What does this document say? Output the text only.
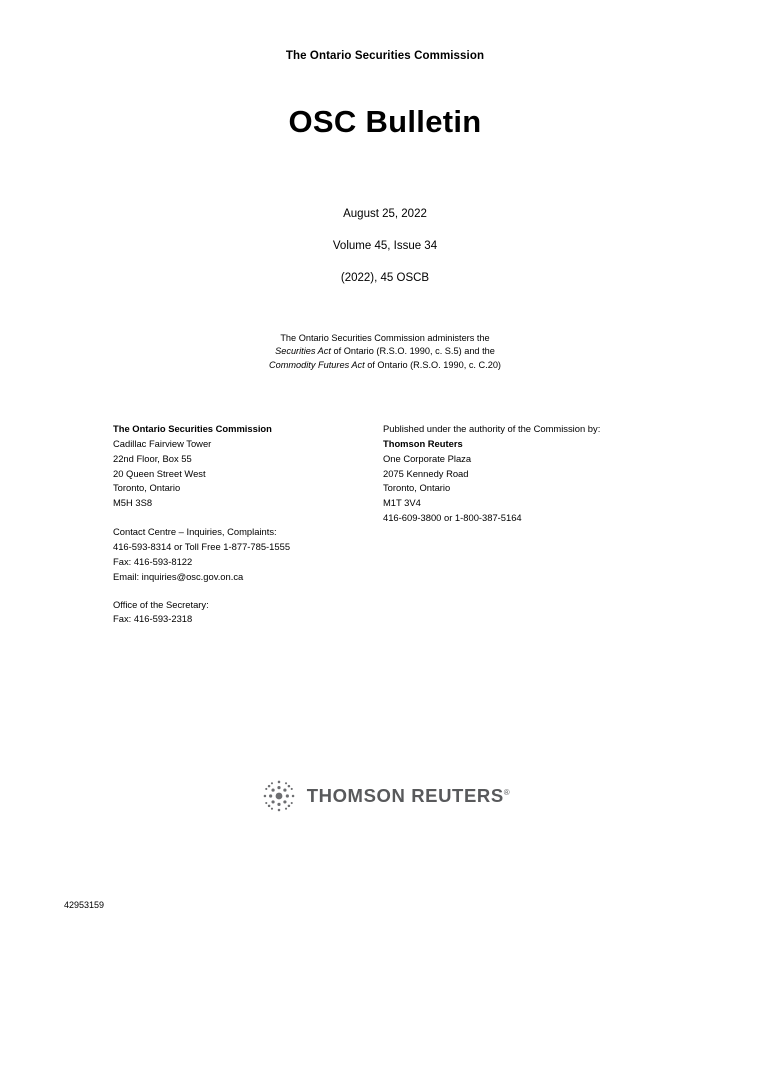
The Ontario Securities Commission
OSC Bulletin
August 25, 2022
Volume 45, Issue 34
(2022), 45 OSCB
The Ontario Securities Commission administers the
Securities Act of Ontario (R.S.O. 1990, c. S.5) and the
Commodity Futures Act of Ontario (R.S.O. 1990, c. C.20)
The Ontario Securities Commission
Cadillac Fairview Tower
22nd Floor, Box 55
20 Queen Street West
Toronto, Ontario
M5H 3S8
Contact Centre – Inquiries, Complaints:
416-593-8314 or Toll Free 1-877-785-1555
Fax: 416-593-8122
Email: inquiries@osc.gov.on.ca
Office of the Secretary:
Fax: 416-593-2318
Published under the authority of the Commission by:
Thomson Reuters
One Corporate Plaza
2075 Kennedy Road
Toronto, Ontario
M1T 3V4
416-609-3800 or 1-800-387-5164
THOMSON REUTERS®
42953159
